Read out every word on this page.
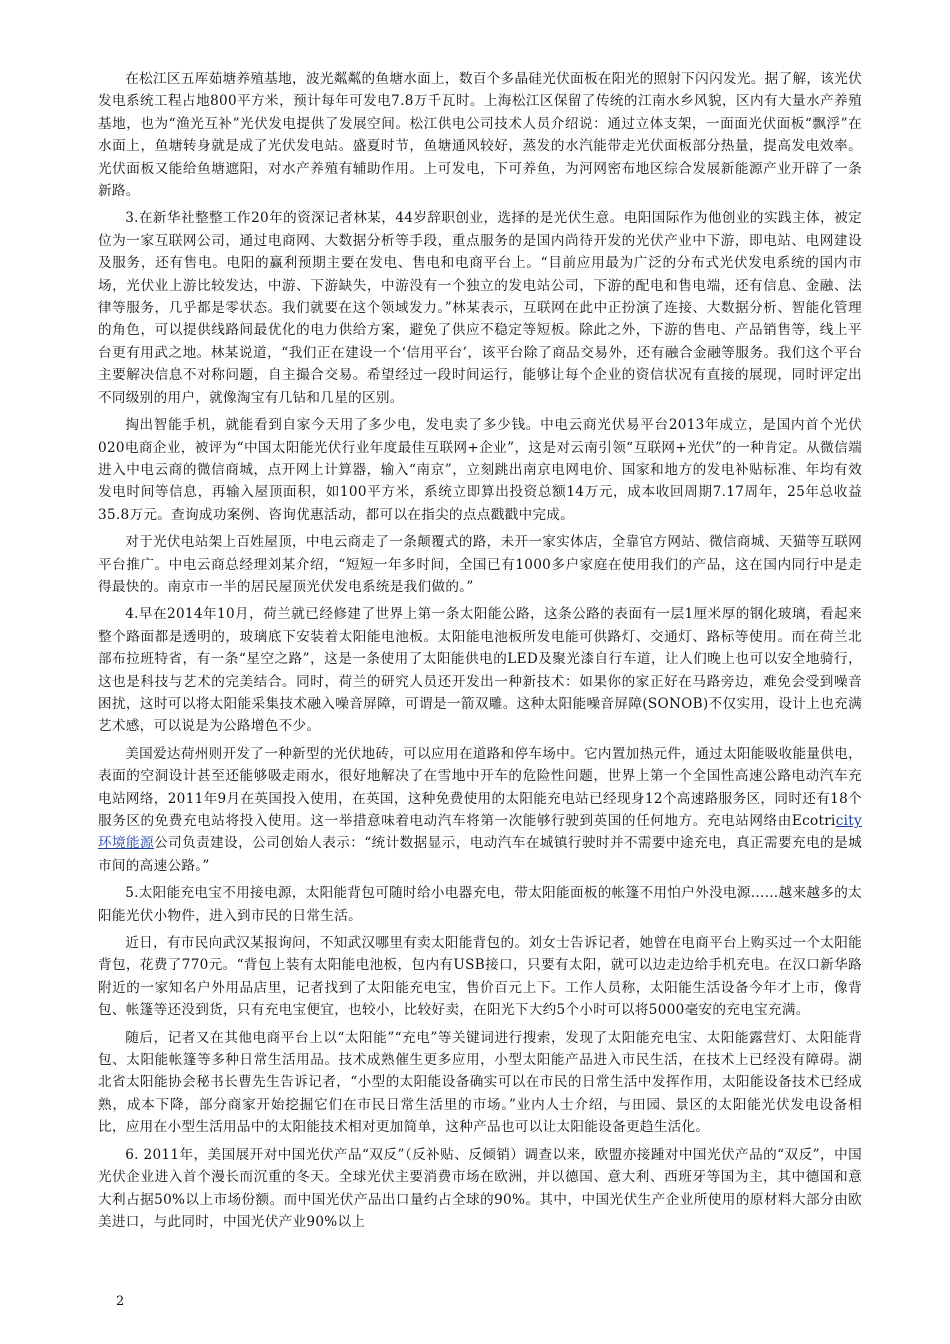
在松江区五厍茹塘养殖基地，波光粼粼的鱼塘水面上，数百个多晶硅光伏面板在阳光的照射下闪闪发光。据了解，该光伏发电系统工程占地800平方米，预计每年可发电7.8万千瓦时。上海松江区保留了传统的江南水乡风貌，区内有大量水产养殖基地，也为“渔光互补”光伏发电提供了发展空间。松江供电公司技术人员介绍说：通过立体支架，一面面光伏面板“飘浮”在水面上，鱼塘转身就是成了光伏发电站。盛夏时节，鱼塘通风较好，蒸发的水汽能带走光伏面板部分热量，提高发电效率。光伏面板又能给鱼塘遮阳，对水产养殖有辅助作用。上可发电，下可养鱼，为河网密布地区综合发展新能源产业开辟了一条新路。

3.在新华社整整工作20年的资深记者林某，44岁辞职创业，选择的是光伏生意。电阳国际作为他创业的实践主体，被定位为一家互联网公司，通过电商网、大数据分析等手段，重点服务的是国内尚待开发的光伏产业中下游，即电站、电网建设及服务，还有售电。电阳的赢利预期主要在发电、售电和电商平台上。“目前应用最为广泛的分布式光伏发电系统的国内市场，光伏业上游比较发达，中游、下游缺失，中游没有一个独立的发电站公司，下游的配电和售电端，还有信息、金融、法律等服务，几乎都是零状态。我们就要在这个领域发力。”林某表示，互联网在此中正扮演了连接、大数据分析、智能化管理的角色，可以提供线路间最优化的电力供给方案，避免了供应不稳定等短板。除此之外，下游的售电、产品销售等，线上平台更有用武之地。林某说道，“我们正在建设一个‘信用平台’，该平台除了商品交易外，还有融合金融等服务。我们这个平台主要解决信息不对称问题，自主撮合交易。希望经过一段时间运行，能够让每个企业的资信状况有直接的展现，同时评定出不同级别的用户，就像淘宝有几钻和几星的区别。

掏出智能手机，就能看到自家今天用了多少电，发电卖了多少钱。中电云商光伏易平台2013年成立，是国内首个光伏020电商企业，被评为“中国太阳能光伏行业年度最佳互联网+企业”，这是对云南引领“互联网+光伏”的一种肯定。从微信端进入中电云商的微信商城，点开网上计算器，输入“南京”，立刻跳出南京电网电价、国家和地方的发电补贴标准、年均有效发电时间等信息，再输入屋顶面积，如100平方米，系统立即算出投资总额14万元，成本收回周期7.17周年，25年总收益35.8万元。查询成功案例、咨询优惠活动，都可以在指尖的点点戳戳中完成。

对于光伏电站架上百姓屋顶，中电云商走了一条颠覆式的路，未开一家实体店，全靠官方网站、微信商城、天猫等互联网平台推广。中电云商总经理刘某介绍，“短短一年多时间，全国已有1000多户家庭在使用我们的产品，这在国内同行中是走得最快的。南京市一半的居民屋顶光伏发电系统是我们做的。”

4.早在2014年10月，荷兰就已经修建了世界上第一条太阳能公路，这条公路的表面有一层1厘米厚的钢化玻璃，看起来整个路面都是透明的，玻璃底下安装着太阳能电池板。太阳能电池板所发电能可供路灯、交通灯、路标等使用。而在荷兰北部布拉班特省，有一条“星空之路”，这是一条使用了太阳能供电的LED及聚光漆自行车道，让人们晚上也可以安全地骑行，这也是科技与艺术的完美结合。同时，荷兰的研究人员还开发出一种新技术：如果你的家正好在马路旁边，难免会受到噪音困扰，这时可以将太阳能采集技术融入噪音屏障，可谓是一箭双雕。这种太阳能噪音屏障(SONOB)不仅实用，设计上也充满艺术感，可以说是为公路增色不少。

美国爱达荷州则开发了一种新型的光伏地砖，可以应用在道路和停车场中。它内置加热元件，通过太阳能吸收能量供电，表面的空洞设计甚至还能够吸走雨水，很好地解决了在雪地中开车的危险性问题，世界上第一个全国性高速公路电动汽车充电站网络，2011年9月在英国投入使用，在英国，这种免费使用的太阳能充电站已经现身12个高速路服务区，同时还有18个服务区的免费充电站将投入使用。这一举措意味着电动汽车将第一次能够行驶到英国的任何地方。充电站网络由Ecotricity环境能源公司负责建设，公司创始人表示：“统计数据显示，电动汽车在城镇行驶时并不需要中途充电，真正需要充电的是城市间的高速公路。”

5.太阳能充电宝不用接电源，太阳能背包可随时给小电器充电，带太阳能面板的帐篷不用怕户外没电源……越来越多的太阳能光伏小物件，进入到市民的日常生活。

近日，有市民向武汉某报询问，不知武汉哪里有卖太阳能背包的。刘女士告诉记者，她曾在电商平台上购买过一个太阳能背包，花费了770元。“背包上装有太阳能电池板，包内有USB接口，只要有太阳，就可以边走边给手机充电。在汉口新华路附近的一家知名户外用品店里，记者找到了太阳能充电宝，售价百元上下。工作人员称，太阳能生活设备今年才上市，像背包、帐篷等还没到货，只有充电宝便宜，也较小，比较好卖，在阳光下大约5个小时可以将5000毫安的充电宝充满。

随后，记者又在其他电商平台上以“太阳能”“充电”等关键词进行搜索，发现了太阳能充电宝、太阳能露营灯、太阳能背包、太阳能帐篷等多种日常生活用品。技术成熟催生更多应用，小型太阳能产品进入市民生活，在技术上已经没有障碍。湖北省太阳能协会秘书长曹先生告诉记者，“小型的太阳能设备确实可以在市民的日常生活中发挥作用，太阳能设备技术已经成熟，成本下降，部分商家开始挖掘它们在市民日常生活里的市场。”业内人士介绍，与田园、景区的太阳能光伏发电设备相比，应用在小型生活用品中的太阳能技术相对更加简单，这种产品也可以让太阳能设备更趋生活化。

6. 2011年，美国展开对中国光伏产品“双反”（反补贴、反倾销）调查以来，欧盟亦接踵对中国光伏产品的“双反”，中国光伏企业进入首个漫长而沉重的冬天。全球光伏主要消费市场在欧洲，并以德国、意大利、西班牙等国为主，其中德国和意大利占据50%以上市场份额。而中国光伏产品出口量约占全球的90%。其中，中国光伏生产企业所使用的原材料大部分由欧美进口，与此同时，中国光伏产业90%以上

2
